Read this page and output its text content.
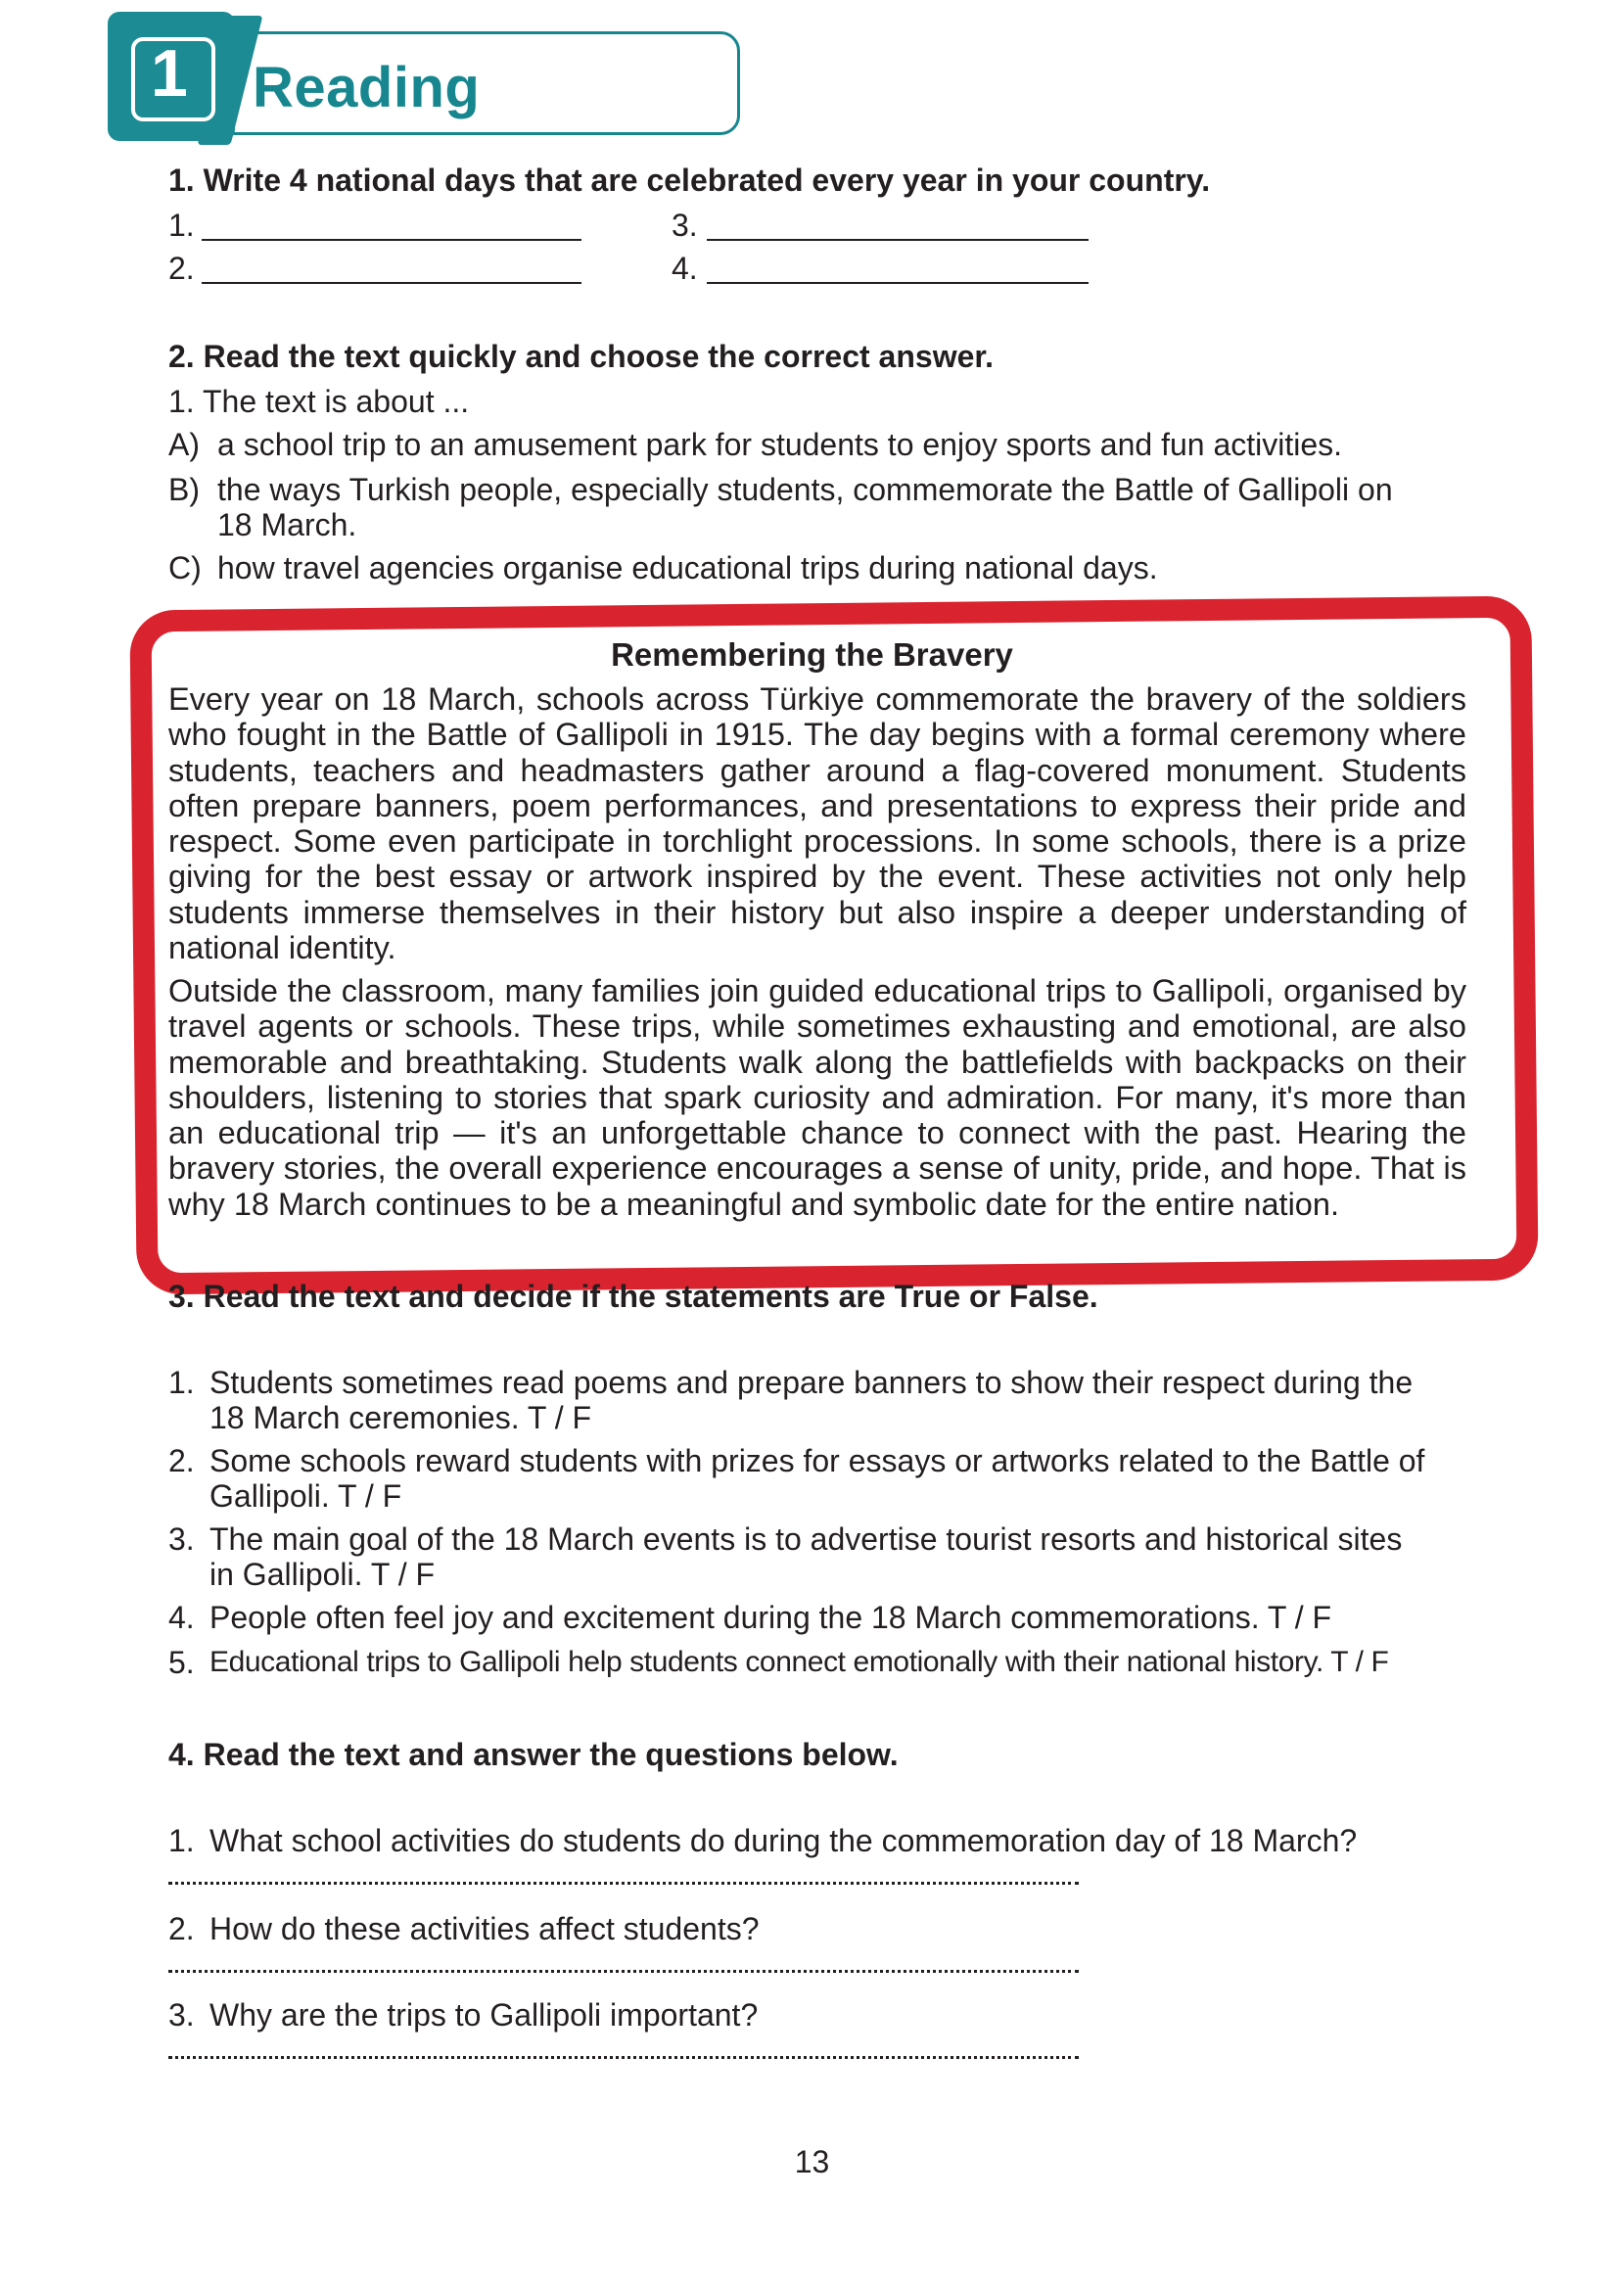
1 Reading
1. Write 4 national days that are celebrated every year in your country.
1.
2.
3.
4.
2. Read the text quickly and choose the correct answer.
1. The text is about ...
A) a school trip to an amusement park for students to enjoy sports and fun activities.
B) the ways Turkish people, especially students, commemorate the Battle of Gallipoli on
18 March.
C) how travel agencies organise educational trips during national days.
Remembering the Bravery
Every year on 18 March, schools across Türkiye commemorate the bravery of the soldiers who fought in the Battle of Gallipoli in 1915. The day begins with a formal ceremony where students, teachers and headmasters gather around a flag-covered monument. Students often prepare banners, poem performances, and presentations to express their pride and respect. Some even participate in torchlight processions. In some schools, there is a prize giving for the best essay or artwork inspired by the event. These activities not only help students immerse themselves in their history but also inspire a deeper understanding of national identity.
Outside the classroom, many families join guided educational trips to Gallipoli, organised by travel agents or schools. These trips, while sometimes exhausting and emotional, are also memorable and breathtaking. Students walk along the battlefields with backpacks on their shoulders, listening to stories that spark curiosity and admiration. For many, it's more than an educational trip — it's an unforgettable chance to connect with the past. Hearing the bravery stories, the overall experience encourages a sense of unity, pride, and hope. That is why 18 March continues to be a meaningful and symbolic date for the entire nation.
3. Read the text and decide if the statements are True or False.
1. Students sometimes read poems and prepare banners to show their respect during the
18 March ceremonies. T / F
2. Some schools reward students with prizes for essays or artworks related to the Battle of
Gallipoli. T / F
3. The main goal of the 18 March events is to advertise tourist resorts and historical sites
in Gallipoli. T / F
4. People often feel joy and excitement during the 18 March commemorations. T / F
5. Educational trips to Gallipoli help students connect emotionally with their national history. T / F
4. Read the text and answer the questions below.
1. What school activities do students do during the commemoration day of 18 March?
2. How do these activities affect students?
3. Why are the trips to Gallipoli important?
13
